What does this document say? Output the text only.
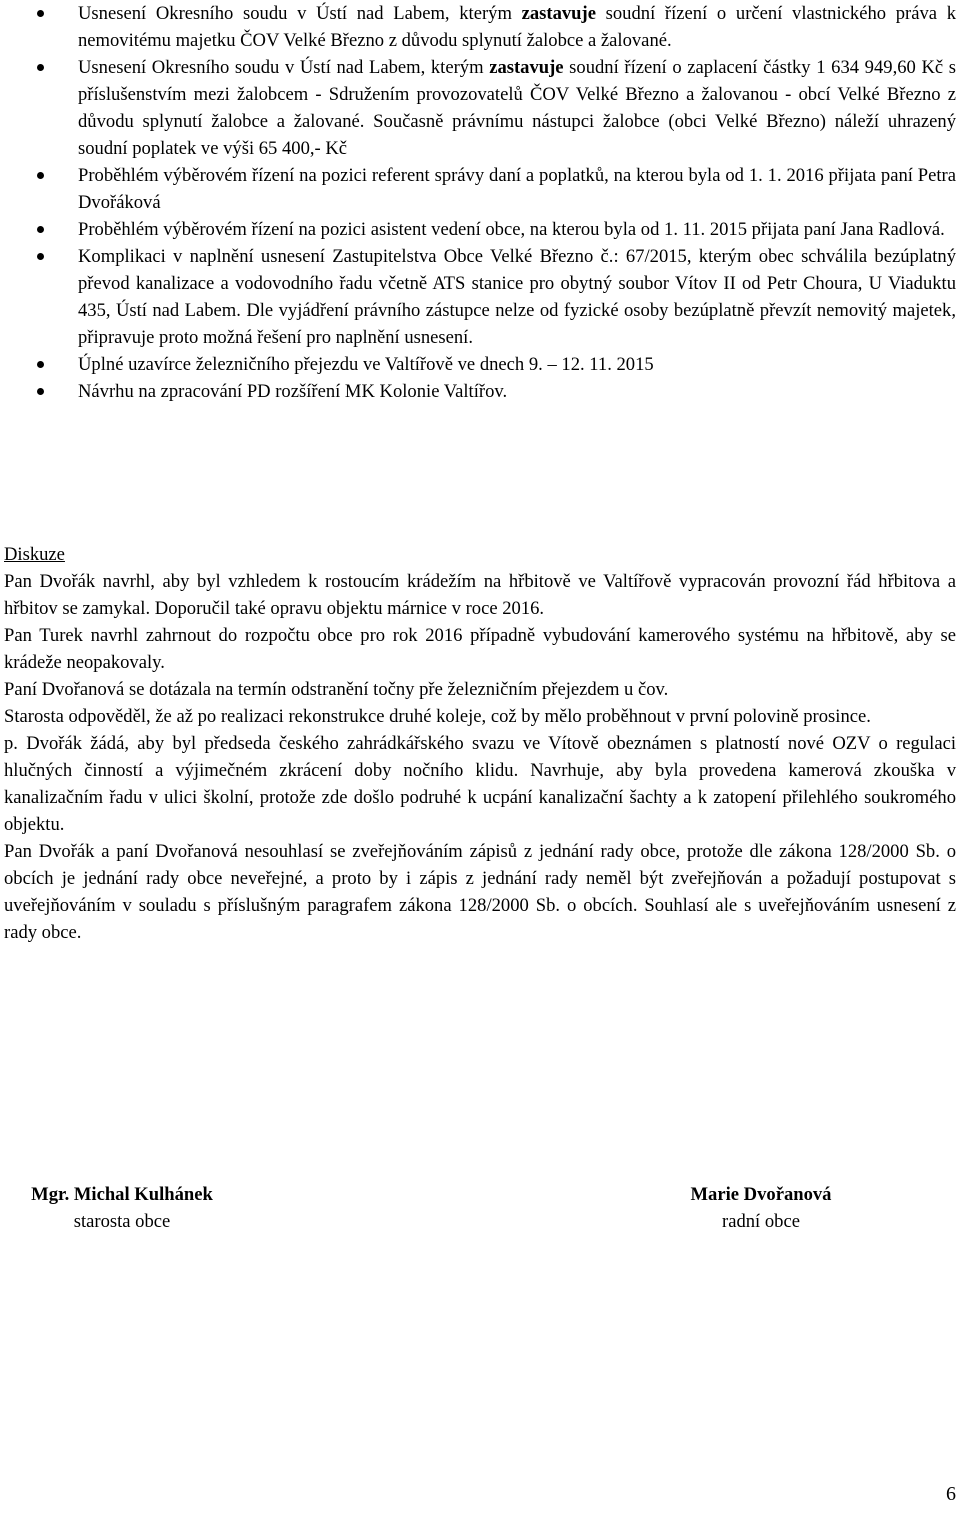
Usnesení Okresního soudu v Ústí nad Labem, kterým zastavuje soudní řízení o určení vlastnického práva k nemovitému majetku ČOV Velké Březno z důvodu splynutí žalobce a žalované.
Usnesení Okresního soudu v Ústí nad Labem, kterým zastavuje soudní řízení o zaplacení částky 1 634 949,60 Kč s příslušenstvím mezi žalobcem - Sdružením provozovatelů ČOV Velké Březno a žalovanou - obcí Velké Březno z důvodu splynutí žalobce a žalované. Současně právnímu nástupci žalobce (obci Velké Březno) náleží uhrazený soudní poplatek ve výši 65 400,- Kč
Proběhlém výběrovém řízení na pozici referent správy daní a poplatků, na kterou byla od 1. 1. 2016 přijata paní Petra Dvořáková
Proběhlém výběrovém řízení na pozici asistent vedení obce, na kterou byla od 1. 11. 2015 přijata paní Jana Radlová.
Komplikaci v naplnění usnesení Zastupitelstva Obce Velké Březno č.: 67/2015, kterým obec schválila bezúplatný převod kanalizace a vodovodního řadu včetně ATS stanice pro obytný soubor Vítov II od Petr Choura, U Viaduktu 435, Ústí nad Labem. Dle vyjádření právního zástupce nelze od fyzické osoby bezúplatně převzít nemovitý majetek, připravuje proto možná řešení pro naplnění usnesení.
Úplné uzavírce železničního přejezdu ve Valtířově ve dnech 9. – 12. 11. 2015
Návrhu na zpracování PD rozšíření MK Kolonie Valtířov.

Diskuze

Pan Dvořák navrhl, aby byl vzhledem k rostoucím krádežím na hřbitově ve Valtířově vypracován provozní řád hřbitova a hřbitov se zamykal. Doporučil také opravu objektu márnice v roce 2016.

Pan Turek navrhl zahrnout do rozpočtu obce pro rok 2016 případně vybudování kamerového systému na hřbitově, aby se krádeže neopakovaly.

Paní Dvořanová se dotázala na termín odstranění točny pře železničním přejezdem u čov.

Starosta odpověděl, že až po realizaci rekonstrukce druhé koleje, což by mělo proběhnout v první polovině prosince.

p. Dvořák žádá, aby byl předseda českého zahrádkářského svazu ve Vítově obeznámen s platností nové OZV o regulaci hlučných činností a výjimečném zkrácení doby nočního klidu. Navrhuje, aby byla provedena kamerová zkouška v kanalizačním řadu v ulici školní, protože zde došlo podruhé k ucpání kanalizační šachty a k zatopení přilehlého soukromého objektu.

Pan Dvořák a paní Dvořanová nesouhlasí se zveřejňováním zápisů z jednání rady obce, protože dle zákona 128/2000 Sb. o obcích je jednání rady obce neveřejné, a proto by i zápis z jednání rady neměl být zveřejňován a požadují postupovat s uveřejňováním v souladu s příslušným paragrafem zákona 128/2000 Sb. o obcích. Souhlasí ale s uveřejňováním usnesení z rady obce.

Mgr. Michal Kulhánek
starosta obce
Marie Dvořanová
radní obce
6
